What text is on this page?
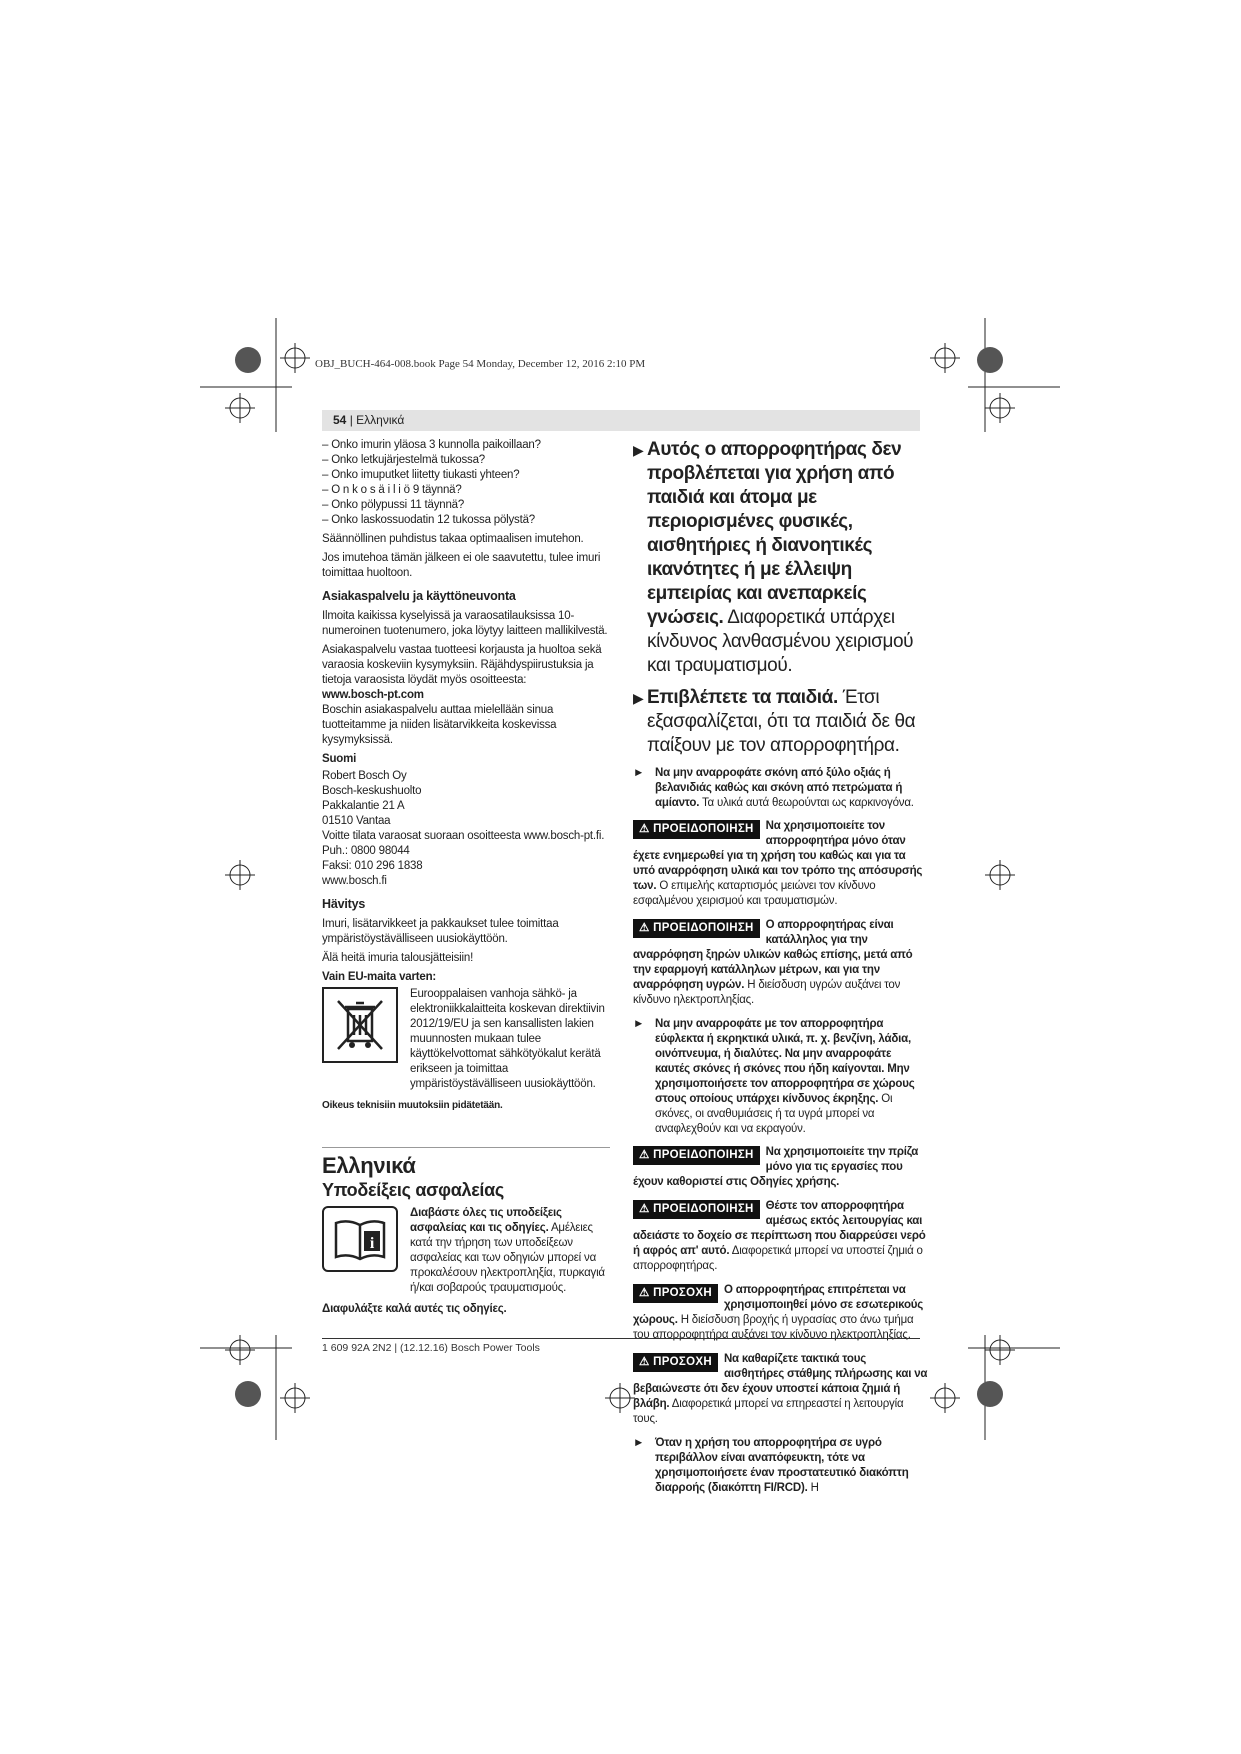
OBJ_BUCH-464-008.book Page 54 Monday, December 12, 2016 2:10 PM
54 | Ελληνικά
– Onko imurin yläosa 3 kunnolla paikoillaan?
– Onko letkujärjestelmä tukossa?
– Onko imuputket liitetty tiukasti yhteen?
– O n k o s ä i l i ö 9 täynnä?
– Onko pölypussi 11 täynnä?
– Onko laskossuodatin 12 tukossa pölystä?

Säännöllinen puhdistus takaa optimaalisen imutehon.

Jos imutehoa tämän jälkeen ei ole saavutettu, tulee imuri toimittaa huoltoon.

Asiakaspalvelu ja käyttöneuvonta

Ilmoita kaikissa kyselyissä ja varaosatilauksissa 10-numeroinen tuotenumero, joka löytyy laitteen mallikilvestä.

Asiakaspalvelu vastaa tuotteesi korjausta ja huoltoa sekä varaosia koskeviin kysymyksiin. Räjähdyspiirustuksia ja tietoja varaosista löydät myös osoitteesta:

www.bosch-pt.com

Boschin asiakaspalvelu auttaa mielellään sinua tuotteitamme ja niiden lisätarvikkeita koskevissa kysymyksissä.

Suomi
Robert Bosch Oy
Bosch-keskushuolto
Pakkalantie 21 A
01510 Vantaa
Voitte tilata varaosat suoraan osoitteesta www.bosch-pt.fi.
Puh.: 0800 98044
Faksi: 010 296 1838
www.bosch.fi
Hävitys

Imuri, lisätarvikkeet ja pakkaukset tulee toimittaa ympäristöystävälliseen uusiokäyttöön.

Älä heitä imuria talousjätteisiin!

Vain EU-maita varten:
Eurooppalaisen vanhoja sähkö- ja elektroniikkalaitteita koskevan direktiivin 2012/19/EU ja sen kansallisten lakien muunnosten mukaan tulee käyttökelvottomat sähkötyökalut kerätä erikseen ja toimittaa ympäristöystävälliseen uusiokäyttöön.
Oikeus teknisiin muutoksiin pidätetään.
Ελληνικά
Υποδείξεις ασφαλείας
i
Διαβάστε όλες τις υποδείξεις ασφαλείας και τις οδηγίες. Αμέλειες κατά την τήρηση των υποδείξεων ασφαλείας και των οδηγιών μπορεί να προκαλέσουν ηλεκτροπληξία, πυρκαγιά ή/και σοβαρούς τραυματισμούς.
Διαφυλάξτε καλά αυτές τις οδηγίες.
▶ Αυτός ο απορροφητήρας δεν προβλέπεται για χρήση από παιδιά και άτομα με περιορισμένες φυσικές, αισθητήριες ή διανοητικές ικανότητες ή με έλλειψη εμπειρίας και ανεπαρκείς γνώσεις. Διαφορετικά υπάρχει κίνδυνος λανθασμένου χειρισμού και τραυματισμού.
▶ Επιβλέπετε τα παιδιά. Έτσι εξασφαλίζεται, ότι τα παιδιά δε θα παίξουν με τον απορροφητήρα.
► Να μην αναρροφάτε σκόνη από ξύλο οξιάς ή βελανιδιάς καθώς και σκόνη από πετρώματα ή αμίαντο. Τα υλικά αυτά θεωρούνται ως καρκινογόνα.
⚠ ΠΡΟΕΙΔΟΠΟΙΗΣΗ	Να χρησιμοποιείτε τον απορροφητήρα μόνο όταν έχετε ενημερωθεί για τη χρήση του καθώς και για τα υπό αναρρόφηση υλικά και τον τρόπο της απόσυρσής των. Ο επιμελής καταρτισμός μειώνει τον κίνδυνο εσφαλμένου χειρισμού και τραυματισμών.
⚠ ΠΡΟΕΙΔΟΠΟΙΗΣΗ	Ο απορροφητήρας είναι κατάλληλος για την αναρρόφηση ξηρών υλικών καθώς επίσης, μετά από την εφαρμογή κατάλληλων μέτρων, και για την αναρρόφηση υγρών. Η διείσδυση υγρών αυξάνει τον κίνδυνο ηλεκτροπληξίας.
► Να μην αναρροφάτε με τον απορροφητήρα εύφλεκτα ή εκρηκτικά υλικά, π. χ. βενζίνη, λάδια, οινόπνευμα, ή διαλύτες. Να μην αναρροφάτε καυτές σκόνες ή σκόνες που ήδη καίγονται. Μην χρησιμοποιήσετε τον απορροφητήρα σε χώρους στους οποίους υπάρχει κίνδυνος έκρηξης. Οι σκόνες, οι αναθυμιάσεις ή τα υγρά μπορεί να αναφλεχθούν και να εκραγούν.
⚠ ΠΡΟΕΙΔΟΠΟΙΗΣΗ	Να χρησιμοποιείτε την πρίζα μόνο για τις εργασίες που έχουν καθοριστεί στις Οδηγίες χρήσης.
⚠ ΠΡΟΕΙΔΟΠΟΙΗΣΗ	Θέστε τον απορροφητήρα αμέσως εκτός λειτουργίας και αδειάστε το δοχείο σε περίπτωση που διαρρεύσει νερό ή αφρός απ' αυτό. Διαφορετικά μπορεί να υποστεί ζημιά ο απορροφητήρας.
⚠ ΠΡΟΣΟΧΗ	Ο απορροφητήρας επιτρέπεται να χρησιμοποιηθεί μόνο σε εσωτερικούς χώρους. Η διείσδυση βροχής ή υγρασίας στο άνω τμήμα του απορροφητήρα αυξάνει τον κίνδυνο ηλεκτροπληξίας.
⚠ ΠΡΟΣΟΧΗ	Να καθαρίζετε τακτικά τους αισθητήρες στάθμης πλήρωσης και να βεβαιώνεστε ότι δεν έχουν υποστεί κάποια ζημιά ή βλάβη. Διαφορετικά μπορεί να επηρεαστεί η λειτουργία τους.
► Όταν η χρήση του απορροφητήρα σε υγρό περιβάλλον είναι αναπόφευκτη, τότε να χρησιμοποιήσετε έναν προστατευτικό διακόπτη διαρροής (διακόπτη FI/RCD). Η
1 609 92A 2N2 | (12.12.16) Bosch Power Tools
